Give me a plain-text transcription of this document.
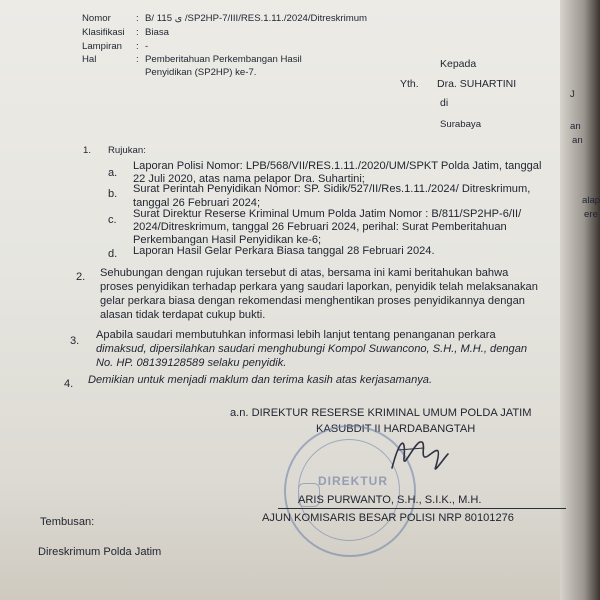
Nomor	: B/ 115 ى /SP2HP-7/III/RES.1.11./2024/Ditreskrimum
Klasifikasi : Biasa
Lampiran : -
Hal	: Pemberitahuan Perkembangan Hasil
Penyidikan (SP2HP) ke-7.
Kepada
Yth. Dra. SUHARTINI
di
Surabaya
1. Rujukan:
a.
Laporan Polisi Nomor: LPB/568/VII/RES.1.11./2020/UM/SPKT Polda Jatim, tanggal
22 Juli 2020, atas nama pelapor Dra. Suhartini;
b. Surat Perintah Penyidikan Nomor: SP. Sidik/527/II/Res.1.11./2024/ Ditreskrimum,
tanggal 26 Februari 2024;
c. Surat Direktur Reserse Kriminal Umum Polda Jatim Nomor : B/811/SP2HP-6/II/
2024/Ditreskrimum, tanggal 26 Februari 2024, perihal: Surat Pemberitahuan
Perkembangan Hasil Penyidikan ke-6;
d. Laporan Hasil Gelar Perkara Biasa tanggal 28 Februari 2024.
2. Sehubungan dengan rujukan tersebut di atas, bersama ini kami beritahukan bahwa
proses penyidikan terhadap perkara yang saudari laporkan, penyidik telah melaksanakan
gelar perkara biasa dengan rekomendasi menghentikan proses penyidikannya dengan
alasan tidak terdapat cukup bukti.
3. Apabila saudari membutuhkan informasi lebih lanjut tentang penanganan perkara
dimaksud, dipersilahkan saudari menghubungi Kompol Suwancono, S.H., M.H., dengan
No. HP. 08139128589 selaku penyidik.
4. Demikian untuk menjadi maklum dan terima kasih atas kerjasamanya.
a.n. DIREKTUR RESERSE KRIMINAL UMUM POLDA JATIM
KASUBDIT II HARDABANGTAH
DIREKTUR
ARIS PURWANTO, S.H., S.I.K., M.H.
AJUN KOMISARIS BESAR POLISI NRP 80101276
Tembusan:
Direskrimum Polda Jatim
J
an
an
alap
ere
